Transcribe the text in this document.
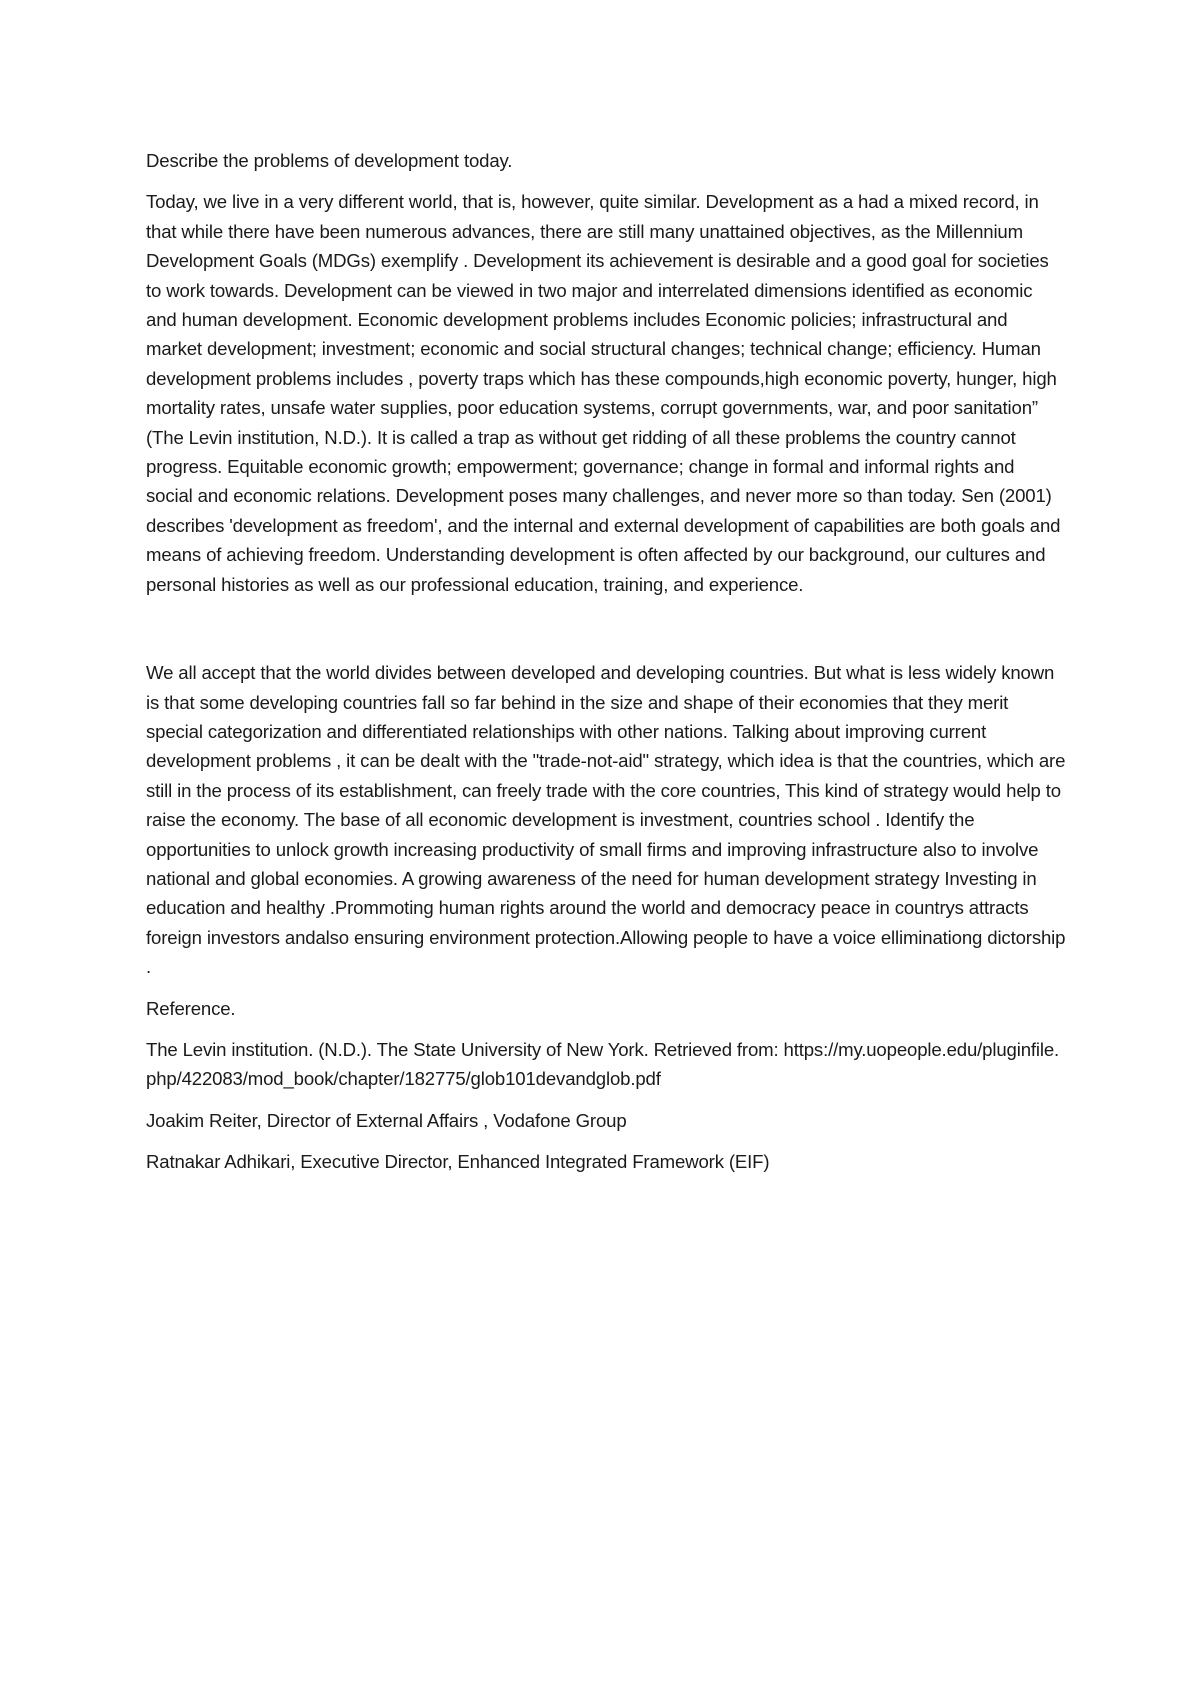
Describe the problems of development today.

Today, we live in a very different world, that is, however, quite similar. Development as a had a mixed record, in that while there have been numerous advances, there are still many unattained objectives, as the Millennium Development Goals (MDGs) exemplify . Development its achievement is desirable and a good goal for societies to work towards. Development can be viewed in two major and interrelated dimensions identified as economic and human development. Economic development problems includes Economic policies; infrastructural and market development; investment; economic and social structural changes; technical change; efficiency. Human development problems includes , poverty traps which has these compounds,high economic poverty, hunger, high mortality rates, unsafe water supplies, poor education systems, corrupt governments, war, and poor sanitation” (The Levin institution, N.D.). It is called a trap as without get ridding of all these problems the country cannot progress. Equitable economic growth; empowerment; governance; change in formal and informal rights and social and economic relations. Development poses many challenges, and never more so than today. Sen (2001) describes 'development as freedom', and the internal and external development of capabilities are both goals and means of achieving freedom. Understanding development is often affected by our background, our cultures and personal histories as well as our professional education, training, and experience.

We all accept that the world divides between developed and developing countries. But what is less widely known is that some developing countries fall so far behind in the size and shape of their economies that they merit special categorization and differentiated relationships with other nations. Talking about improving current development problems , it can be dealt with the "trade-not-aid" strategy, which idea is that the countries, which are still in the process of its establishment, can freely trade with the core countries, This kind of strategy would help to raise the economy. The base of all economic development is investment, countries school . Identify the opportunities to unlock growth increasing productivity of small firms and improving infrastructure also to involve national and global economies. A growing awareness of the need for human development strategy Investing in education and healthy .Prommoting human rights around the world and democracy peace in countrys attracts foreign investors andalso ensuring environment protection.Allowing people to have a voice elliminationg dictorship .

Reference.

The Levin institution. (N.D.). The State University of New York. Retrieved from: https://my.uopeople.edu/pluginfile.php/422083/mod_book/chapter/182775/glob101devandglob.pdf

Joakim Reiter, Director of External Affairs , Vodafone Group

Ratnakar Adhikari, Executive Director, Enhanced Integrated Framework (EIF)
